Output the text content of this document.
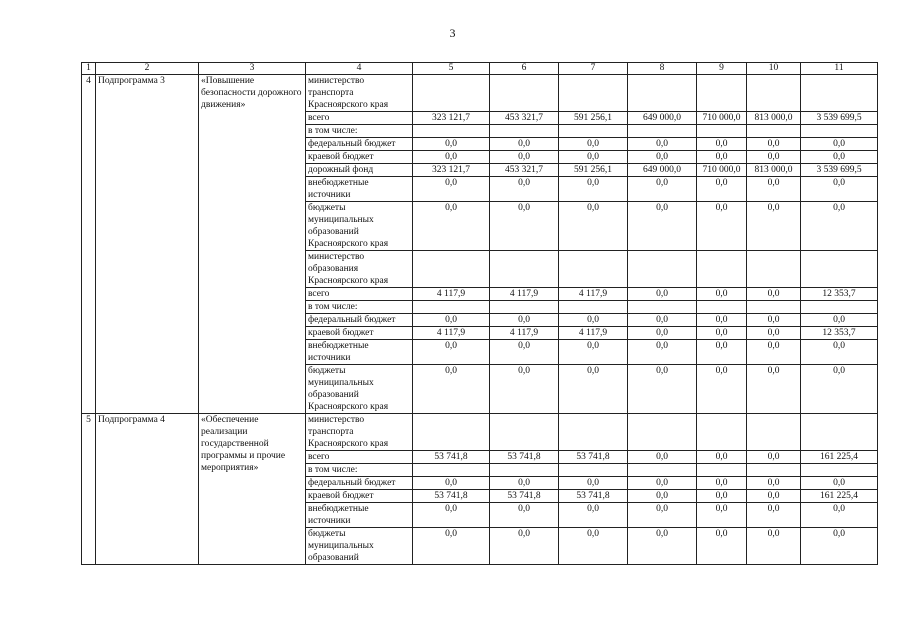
3
1	2	3	4	5	6	7	8	9	10	11
4	Подпрограмма 3	«Повышение безопасности дорожного движения»	министерство транспорта Красноярского края							
			всего	323 121,7	453 321,7	591 256,1	649 000,0	710 000,0	813 000,0	3 539 699,5
			в том числе:							
			федеральный бюджет	0,0	0,0	0,0	0,0	0,0	0,0	0,0
			краевой бюджет	0,0	0,0	0,0	0,0	0,0	0,0	0,0
			дорожный фонд	323 121,7	453 321,7	591 256,1	649 000,0	710 000,0	813 000,0	3 539 699,5
			внебюджетные источники	0,0	0,0	0,0	0,0	0,0	0,0	0,0
			бюджеты муниципальных образований Красноярского края	0,0	0,0	0,0	0,0	0,0	0,0	0,0
			министерство образования Красноярского края							
			всего	4 117,9	4 117,9	4 117,9	0,0	0,0	0,0	12 353,7
			в том числе:							
			федеральный бюджет	0,0	0,0	0,0	0,0	0,0	0,0	0,0
			краевой бюджет	4 117,9	4 117,9	4 117,9	0,0	0,0	0,0	12 353,7
			внебюджетные источники	0,0	0,0	0,0	0,0	0,0	0,0	0,0
			бюджеты муниципальных образований Красноярского края	0,0	0,0	0,0	0,0	0,0	0,0	0,0
5	Подпрограмма 4	«Обеспечение реализации государственной программы и прочие мероприятия»	министерство транспорта Красноярского края							
			всего	53 741,8	53 741,8	53 741,8	0,0	0,0	0,0	161 225,4
			в том числе:							
			федеральный бюджет	0,0	0,0	0,0	0,0	0,0	0,0	0,0
			краевой бюджет	53 741,8	53 741,8	53 741,8	0,0	0,0	0,0	161 225,4
			внебюджетные источники	0,0	0,0	0,0	0,0	0,0	0,0	0,0
			бюджеты муниципальных образований	0,0	0,0	0,0	0,0	0,0	0,0	0,0
